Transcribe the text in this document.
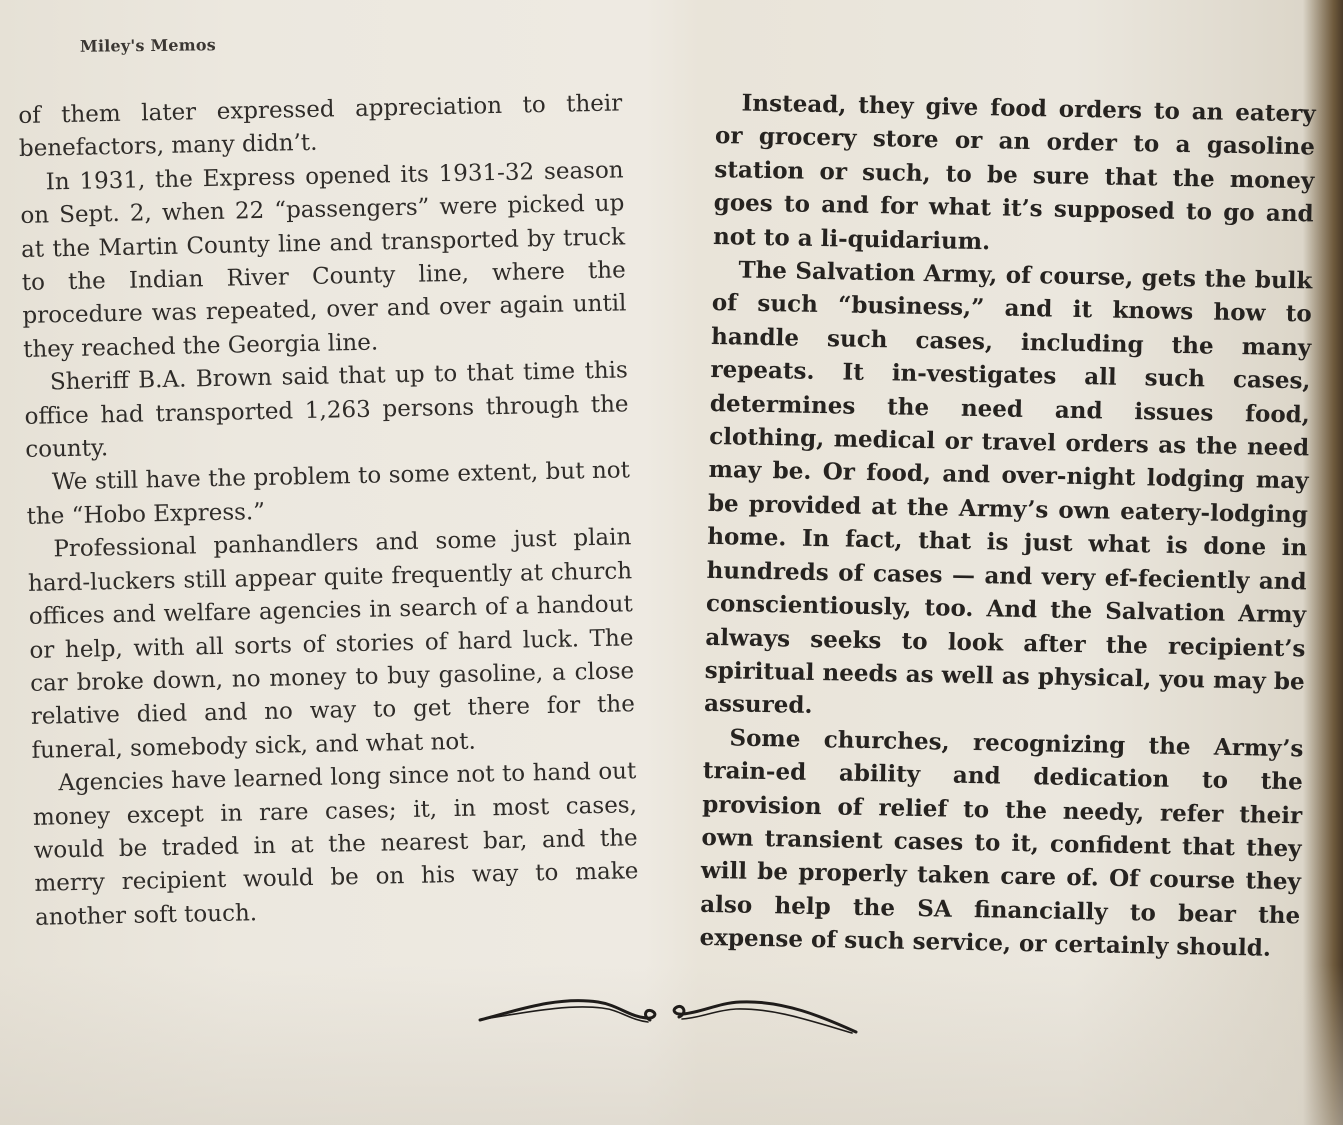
Miley's Memos

of them later expressed appreciation to their benefactors, many didn’t.

In 1931, the Express opened its 1931-32 season on Sept. 2, when 22 “passengers” were picked up at the Martin County line and transported by truck to the Indian River County line, where the procedure was repeated, over and over again until they reached the Georgia line.

Sheriff B.A. Brown said that up to that time this office had transported 1,263 persons through the county.

We still have the problem to some extent, but not the “Hobo Express.”

Professional panhandlers and some just plain hard-luckers still appear quite frequently at church offices and welfare agencies in search of a handout or help, with all sorts of stories of hard luck. The car broke down, no money to buy gasoline, a close relative died and no way to get there for the funeral, somebody sick, and what not.

Agencies have learned long since not to hand out money except in rare cases; it, in most cases, would be traded in at the nearest bar, and the merry recipient would be on his way to make another soft touch.

Instead, they give food orders to an eatery or grocery store or an order to a gasoline station or such, to be sure that the money goes to and for what it’s supposed to go and not to a li-quidarium.

The Salvation Army, of course, gets the bulk of such “business,” and it knows how to handle such cases, including the many repeats. It in-vestigates all such cases, determines the need and issues food, clothing, medical or travel orders as the need may be. Or food, and over-night lodging may be provided at the Army’s own eatery-lodging home. In fact, that is just what is done in hundreds of cases — and very ef-feciently and conscientiously, too. And the Salvation Army always seeks to look after the recipient’s spiritual needs as well as physical, you may be assured.

Some churches, recognizing the Army’s train-ed ability and dedication to the provision of relief to the needy, refer their own transient cases to it, confident that they will be properly taken care of. Of course they also help the SA financially to bear the expense of such service, or certainly should.
